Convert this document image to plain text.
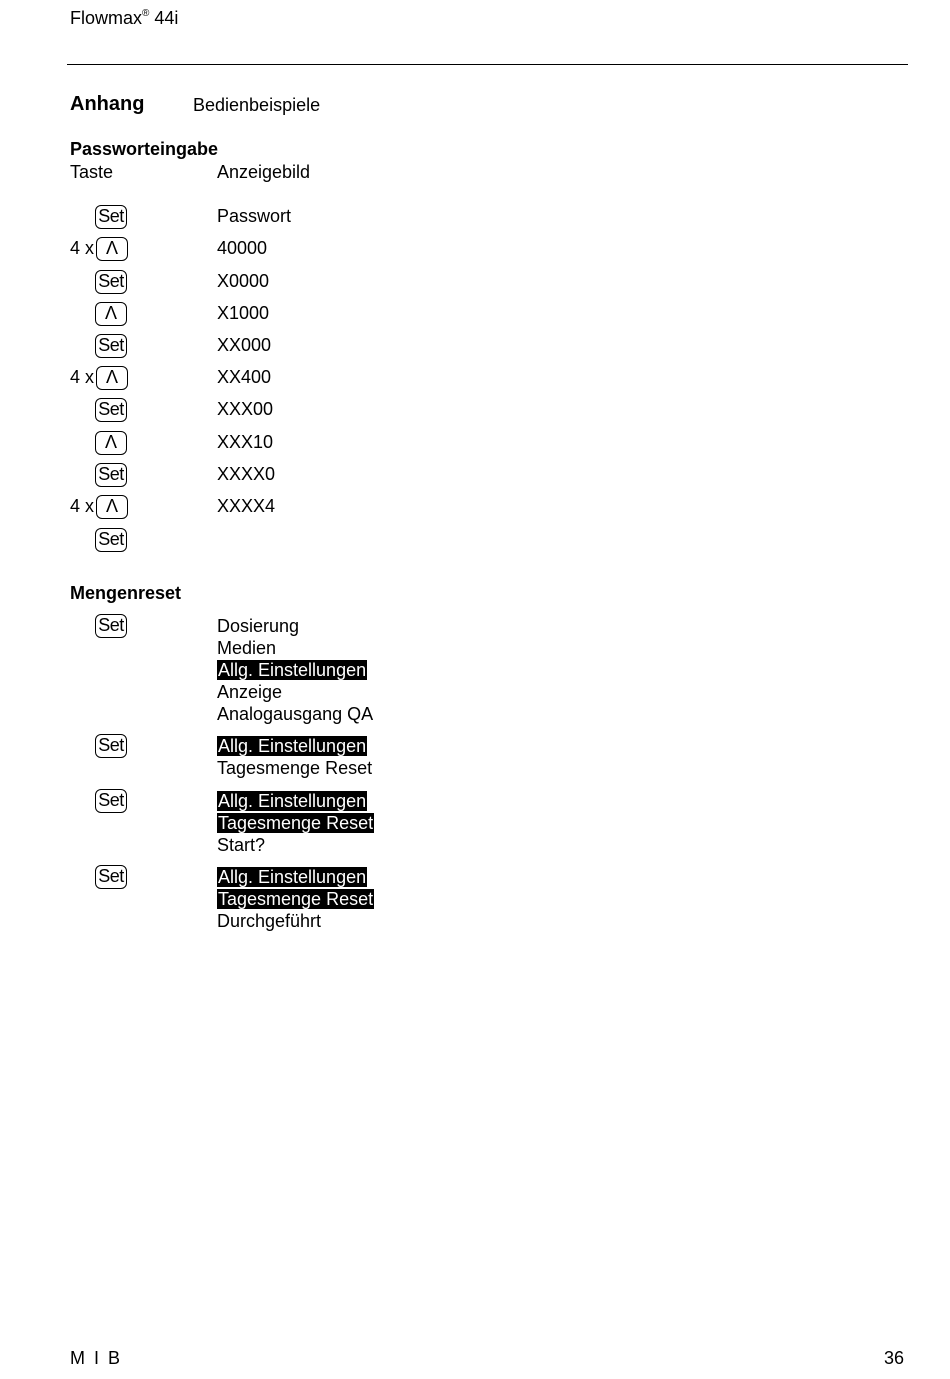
Flowmax® 44i
Anhang	Bedienbeispiele
Passworteingabe
Taste	Anzeigebild
Set	Passwort
4 x Λ	40000
Set	X0000
Λ	X1000
Set	XX000
4 x Λ	XX400
Set	XXX00
Λ	XXX10
Set	XXXX0
4 x Λ	XXXX4
Set
Mengenreset
Set	Dosierung
Medien
Allg. Einstellungen
Anzeige
Analogausgang QA
Set	Allg. Einstellungen
Tagesmenge Reset
Set	Allg. Einstellungen
Tagesmenge Reset
Start?
Set	Allg. Einstellungen
Tagesmenge Reset
Durchgeführt
M I B	36
